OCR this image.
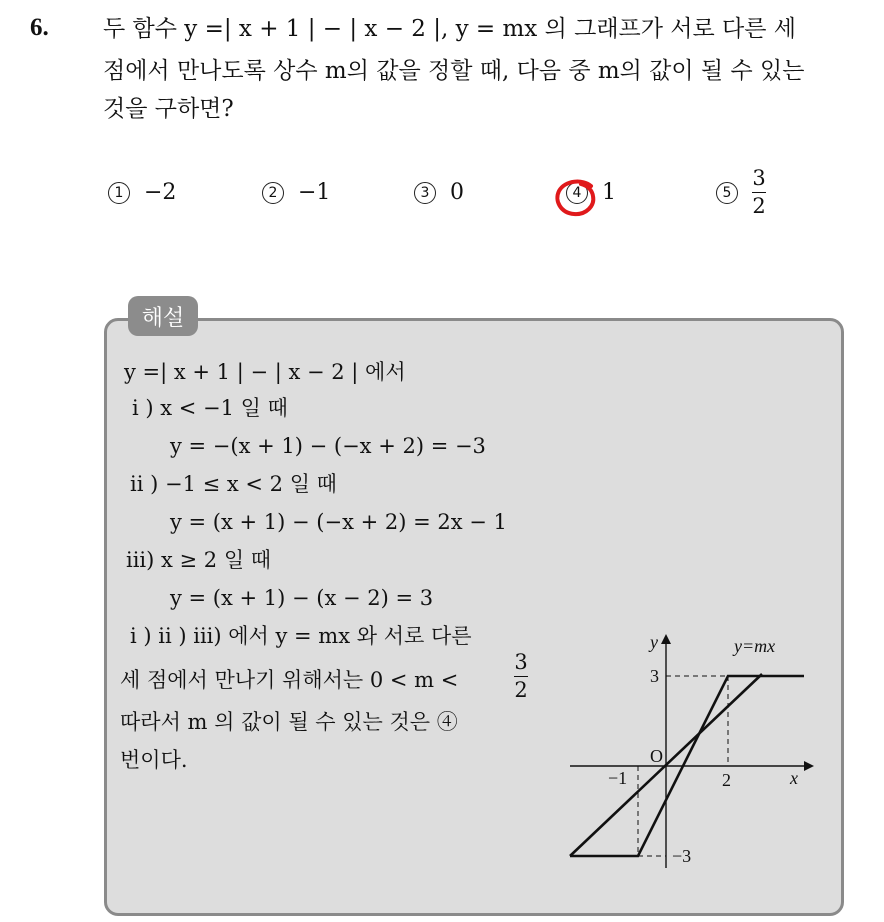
6. 두 함수 y =| x + 1 | − | x − 2 |, y = mx 의 그래프가 서로 다른 세
점에서 만나도록 상수 m의 값을 정할 때, 다음 중 m의 값이 될 수 있는
것을 구하면?
1 −2	2 −1	3 0	4 1	$5 \frac{3}{2}$
해설
y =| x + 1 | − | x − 2 | 에서
i ) x < −1 일 때
y = −(x + 1) − (−x + 2) = −3
ii ) −1 ≤ x < 2 일 때
y = (x + 1) − (−x + 2) = 2x − 1
iii) x ≥ 2 일 때
y = (x + 1) − (x − 2) = 3
i ) ii ) iii) 에서 y = mx 와 서로 다른
세 점에서 만나기 위해서는 0 < m <
3
2
따라서 m 의 값이 될 수 있는 것은 ④
번이다.
y
x
O
y=mx
3
−3
−1	2
